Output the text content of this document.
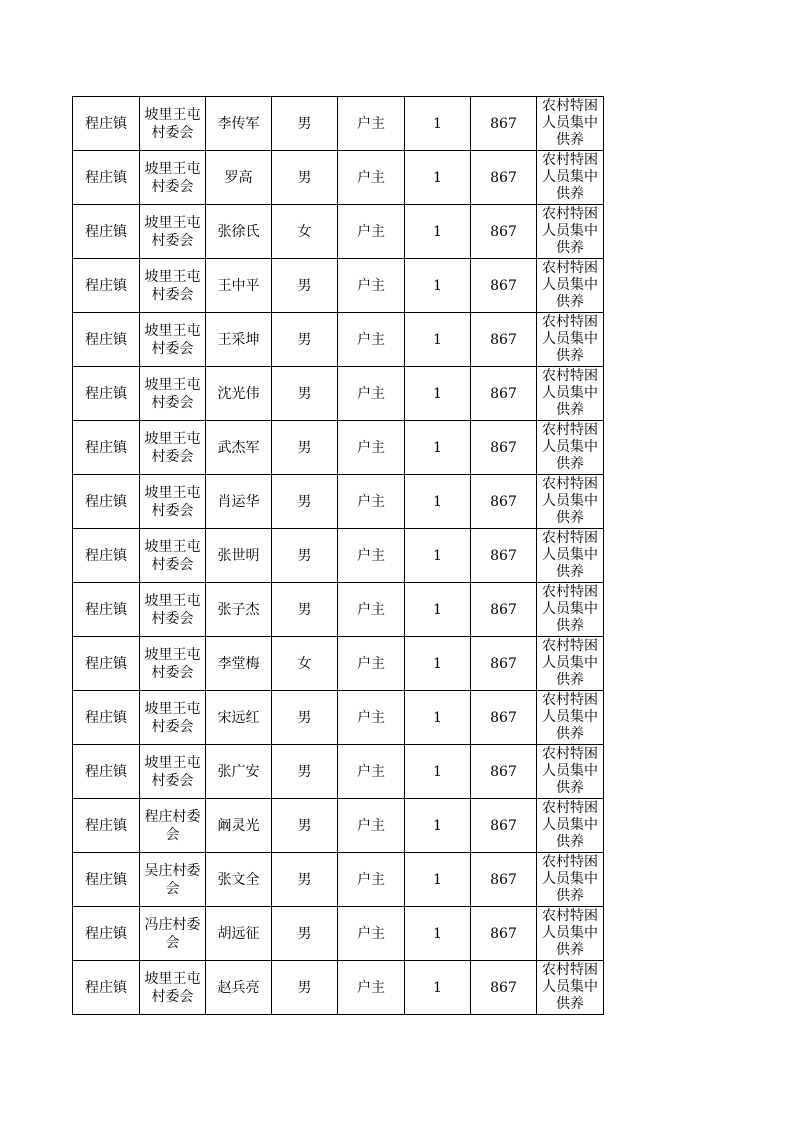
程庄镇	坡里王屯村委会	李传军	男	户主	1	867	农村特困人员集中供养
程庄镇	坡里王屯村委会	罗高	男	户主	1	867	农村特困人员集中供养
程庄镇	坡里王屯村委会	张徐氏	女	户主	1	867	农村特困人员集中供养
程庄镇	坡里王屯村委会	王中平	男	户主	1	867	农村特困人员集中供养
程庄镇	坡里王屯村委会	王采坤	男	户主	1	867	农村特困人员集中供养
程庄镇	坡里王屯村委会	沈光伟	男	户主	1	867	农村特困人员集中供养
程庄镇	坡里王屯村委会	武杰军	男	户主	1	867	农村特困人员集中供养
程庄镇	坡里王屯村委会	肖运华	男	户主	1	867	农村特困人员集中供养
程庄镇	坡里王屯村委会	张世明	男	户主	1	867	农村特困人员集中供养
程庄镇	坡里王屯村委会	张子杰	男	户主	1	867	农村特困人员集中供养
程庄镇	坡里王屯村委会	李堂梅	女	户主	1	867	农村特困人员集中供养
程庄镇	坡里王屯村委会	宋远红	男	户主	1	867	农村特困人员集中供养
程庄镇	坡里王屯村委会	张广安	男	户主	1	867	农村特困人员集中供养
程庄镇	程庄村委会	阚灵光	男	户主	1	867	农村特困人员集中供养
程庄镇	吴庄村委会	张文全	男	户主	1	867	农村特困人员集中供养
程庄镇	冯庄村委会	胡远征	男	户主	1	867	农村特困人员集中供养
程庄镇	坡里王屯村委会	赵兵亮	男	户主	1	867	农村特困人员集中供养
